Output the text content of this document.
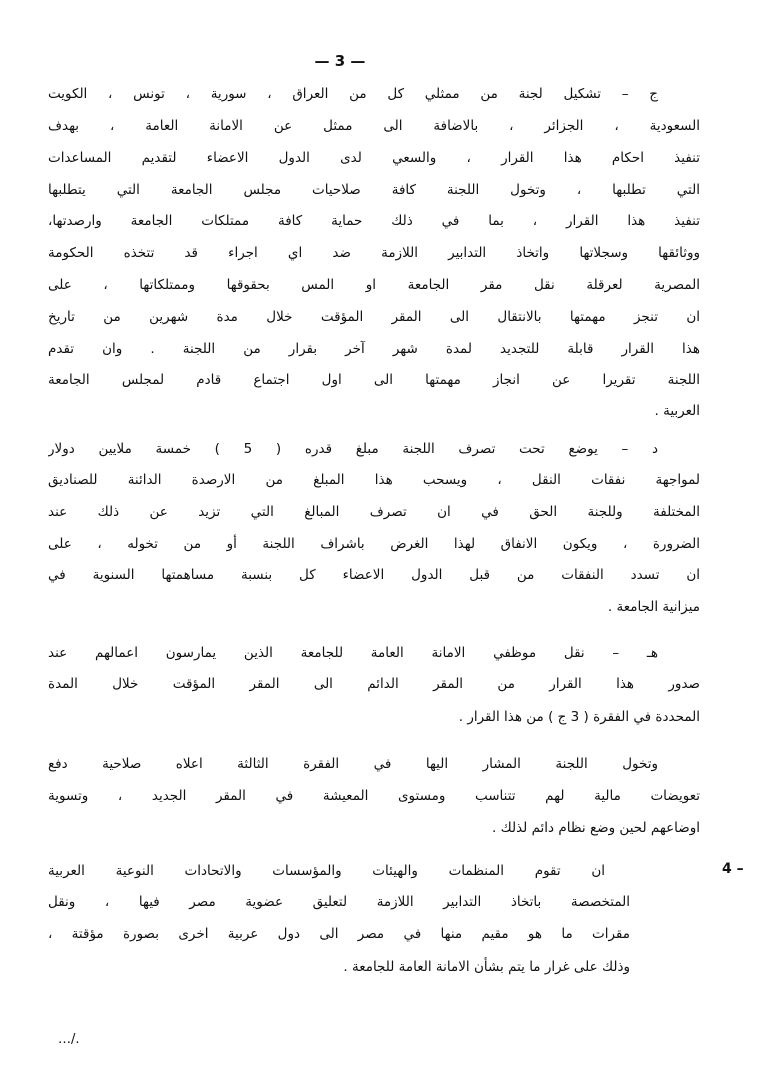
— 3 —
ج – تشكيل لجنة من ممثلي كل من العراق ، سورية ، تونس ، الكويت
السعودية ، الجزائر ، بالاضافة الى ممثل عن الامانة العامة ، بهدف
تنفيذ احكام هذا القرار ، والسعي لدى الدول الاعضاء لتقديم المساعدات
التي تطلبها ، وتخول اللجنة كافة صلاحيات مجلس الجامعة التي يتطلبها
تنفيذ هذا القرار ، بما في ذلك حماية كافة ممتلكات الجامعة وارصدتها،
ووثائقها وسجلاتها واتخاذ التدابير اللازمة ضد اي اجراء قد تتخذه الحكومة
المصرية لعرقلة نقل مقر الجامعة او المس بحقوقها وممتلكاتها ، على
ان تنجز مهمتها بالانتقال الى المقر المؤقت خلال مدة شهرين من تاريخ
هذا القرار قابلة للتجديد لمدة شهر آخر بقرار من اللجنة . وان تقدم
اللجنة تقريرا عن انجاز مهمتها الى اول اجتماع قادم لمجلس الجامعة
العربية .
د – يوضع تحت تصرف اللجنة مبلغ قدره ( 5 ) خمسة ملايين دولار
لمواجهة نفقات النقل ، ويسحب هذا المبلغ من الارصدة الدائنة للصناديق
المختلفة وللجنة الحق في ان تصرف المبالغ التي تزيد عن ذلك عند
الضرورة ، ويكون الانفاق لهذا الغرض باشراف اللجنة أو من تخوله ، على
ان تسدد النفقات من قبل الدول الاعضاء كل بنسبة مساهمتها السنوية في
ميزانية الجامعة .
هـ – نقل موظفي الامانة العامة للجامعة الذين يمارسون اعمالهم عند
صدور هذا القرار من المقر الدائم الى المقر المؤقت خلال المدة
المحددة في الفقرة ( 3 ج ) من هذا القرار .
وتخول اللجنة المشار اليها في الفقرة الثالثة اعلاه صلاحية دفع
تعويضات مالية لهم تتناسب ومستوى المعيشة في المقر الجديد ، وتسوية
اوضاعهم لحين وضع نظام دائم لذلك .
4 –
ان تقوم المنظمات والهيئات والمؤسسات والاتحادات النوعية العربية
المتخصصة باتخاذ التدابير اللازمة لتعليق عضوية مصر فيها ، ونقل
مقرات ما هو مقيم منها في مصر الى دول عربية اخرى بصورة مؤقتة ،
وذلك على غرار ما يتم بشأن الامانة العامة للجامعة .
…/.
